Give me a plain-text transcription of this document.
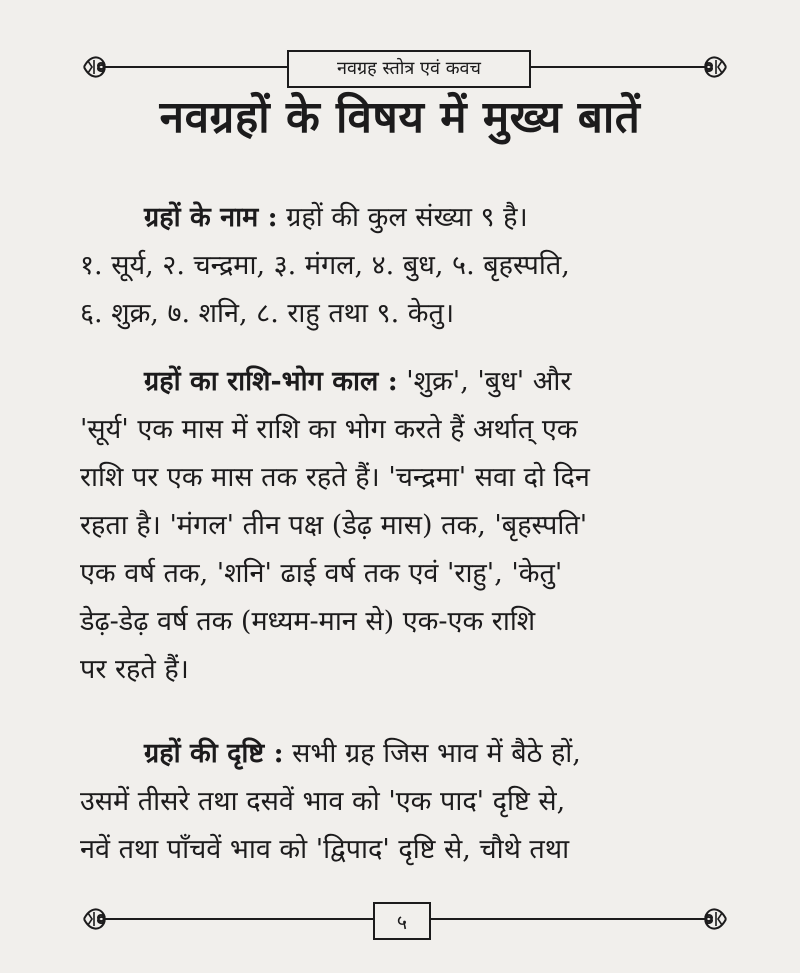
नवग्रह स्तोत्र एवं कवच
नवग्रहों के विषय में मुख्य बातें
ग्रहों के नाम : ग्रहों की कुल संख्या ९ है।
१. सूर्य, २. चन्द्रमा, ३. मंगल, ४. बुध, ५. बृहस्पति,
६. शुक्र, ७. शनि, ८. राहु तथा ९. केतु।
ग्रहों का राशि-भोग काल : 'शुक्र', 'बुध' और
'सूर्य' एक मास में राशि का भोग करते हैं अर्थात् एक
राशि पर एक मास तक रहते हैं। 'चन्द्रमा' सवा दो दिन
रहता है। 'मंगल' तीन पक्ष (डेढ़ मास) तक, 'बृहस्पति'
एक वर्ष तक, 'शनि' ढाई वर्ष तक एवं 'राहु', 'केतु'
डेढ़-डेढ़ वर्ष तक (मध्यम-मान से) एक-एक राशि
पर रहते हैं।
ग्रहों की दृष्टि : सभी ग्रह जिस भाव में बैठे हों,
उसमें तीसरे तथा दसवें भाव को 'एक पाद' दृष्टि से,
नवें तथा पाँचवें भाव को 'द्विपाद' दृष्टि से, चौथे तथा
५
